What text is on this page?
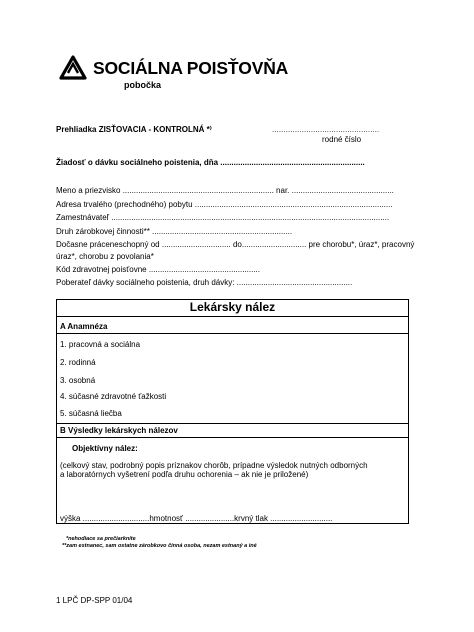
SOCIÁLNA POISŤOVŇA
pobočka
Prehliadka ZISŤOVACIA - KONTROLNÁ *⁾	...............................................
rodné číslo
Žiadosť o dávku sociálneho poistenia, dňa .................................................................
Meno a priezvisko .................................................................... nar. ..............................................
Adresa trvalého (prechodného) pobytu .........................................................................................
Zamestnávateľ .............................................................................................................................
Druh zárobkovej činnosti** ...............................................................
Dočasne práceneschopný od ............................... do............................. pre chorobu*, úraz*, pracovný
úraz*, chorobu z povolania*
Kód zdravotnej poisťovne ..................................................
Poberateľ dávky sociálneho poistenia, druh dávky: ....................................................
Lekársky nález
A Anamnéza
1. pracovná a sociálna
2. rodinná
3. osobná
4. súčasné zdravotné ťažkosti
5. súčasná liečba
B Výsledky lekárskych nálezov
Objektívny nález:
(celkový stav, podrobný popis príznakov chorôb, prípadne výsledok nutných odborných
a laboratórnych vyšetrení podľa druhu ochorenia – ak nie je priložené)
výška ..............................hmotnosť ......................krvný tlak ............................
*nehodiace sa prečiarknite
**zam estnanec, sam ostatne zárobkovo činná osoba, nezam estnaný a iné
1 LPČ DP-SPP 01/04
